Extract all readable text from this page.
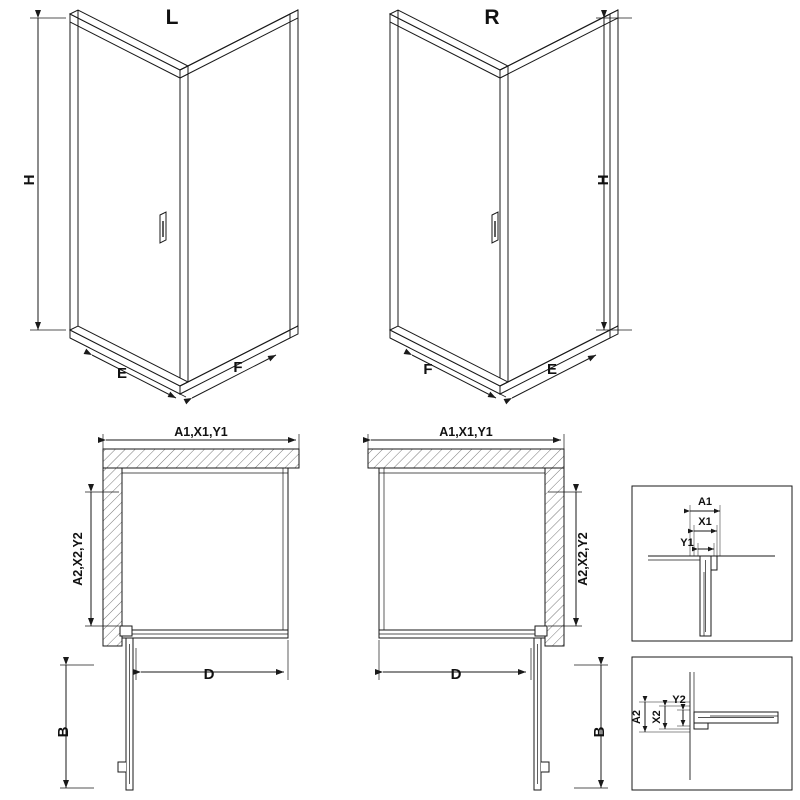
L	R
H	H
E	F	F	E
A1,X1,Y1	A1,X1,Y1
A2,X2,Y2	A2,X2,Y2
D	D
B	B
A1
X1
Y1
A2 X2
Y2
